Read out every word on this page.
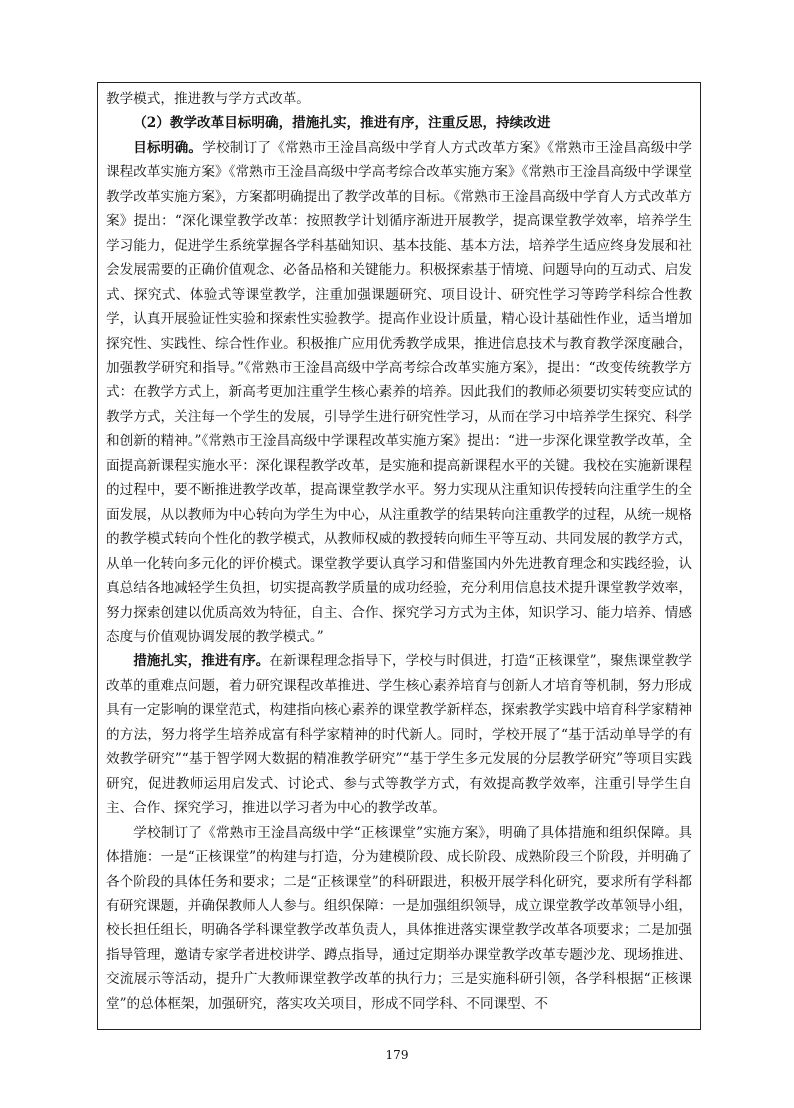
教学模式，推进教与学方式改革。

（2）教学改革目标明确，措施扎实，推进有序，注重反思，持续改进

目标明确。学校制订了《常熟市王淦昌高级中学育人方式改革方案》《常熟市王淦昌高级中学课程改革实施方案》《常熟市王淦昌高级中学高考综合改革实施方案》《常熟市王淦昌高级中学课堂教学改革实施方案》，方案都明确提出了教学改革的目标。《常熟市王淦昌高级中学育人方式改革方案》提出：“深化课堂教学改革：按照教学计划循序渐进开展教学，提高课堂教学效率，培养学生学习能力，促进学生系统掌握各学科基础知识、基本技能、基本方法，培养学生适应终身发展和社会发展需要的正确价值观念、必备品格和关键能力。积极探索基于情境、问题导向的互动式、启发式、探究式、体验式等课堂教学，注重加强课题研究、项目设计、研究性学习等跨学科综合性教学，认真开展验证性实验和探索性实验教学。提高作业设计质量，精心设计基础性作业，适当增加探究性、实践性、综合性作业。积极推广应用优秀教学成果，推进信息技术与教育教学深度融合，加强教学研究和指导。”《常熟市王淦昌高级中学高考综合改革实施方案》，提出：“改变传统教学方式：在教学方式上，新高考更加注重学生核心素养的培养。因此我们的教师必须要切实转变应试的教学方式，关注每一个学生的发展，引导学生进行研究性学习，从而在学习中培养学生探究、科学和创新的精神。”《常熟市王淦昌高级中学课程改革实施方案》提出：“进一步深化课堂教学改革，全面提高新课程实施水平：深化课程教学改革，是实施和提高新课程水平的关键。我校在实施新课程的过程中，要不断推进教学改革，提高课堂教学水平。努力实现从注重知识传授转向注重学生的全面发展，从以教师为中心转向为学生为中心，从注重教学的结果转向注重教学的过程，从统一规格的教学模式转向个性化的教学模式，从教师权威的教授转向师生平等互动、共同发展的教学方式，从单一化转向多元化的评价模式。课堂教学要认真学习和借鉴国内外先进教育理念和实践经验，认真总结各地减轻学生负担，切实提高教学质量的成功经验，充分利用信息技术提升课堂教学效率，努力探索创建以优质高效为特征，自主、合作、探究学习方式为主体，知识学习、能力培养、情感态度与价值观协调发展的教学模式。”

措施扎实，推进有序。在新课程理念指导下，学校与时俱进，打造“正核课堂”，聚焦课堂教学改革的重难点问题，着力研究课程改革推进、学生核心素养培育与创新人才培育等机制，努力形成具有一定影响的课堂范式，构建指向核心素养的课堂教学新样态，探索教学实践中培育科学家精神的方法，努力将学生培养成富有科学家精神的时代新人。同时，学校开展了“基于活动单导学的有效教学研究”“基于智学网大数据的精准教学研究”“基于学生多元发展的分层教学研究”等项目实践研究，促进教师运用启发式、讨论式、参与式等教学方式，有效提高教学效率，注重引导学生自主、合作、探究学习，推进以学习者为中心的教学改革。

学校制订了《常熟市王淦昌高级中学“正核课堂”实施方案》，明确了具体措施和组织保障。具体措施：一是“正核课堂”的构建与打造，分为建模阶段、成长阶段、成熟阶段三个阶段，并明确了各个阶段的具体任务和要求；二是“正核课堂”的科研跟进，积极开展学科化研究，要求所有学科都有研究课题，并确保教师人人参与。组织保障：一是加强组织领导，成立课堂教学改革领导小组，校长担任组长，明确各学科课堂教学改革负责人，具体推进落实课堂教学改革各项要求；二是加强指导管理，邀请专家学者进校讲学、蹲点指导，通过定期举办课堂教学改革专题沙龙、现场推进、交流展示等活动，提升广大教师课堂教学改革的执行力；三是实施科研引领，各学科根据“正核课堂”的总体框架，加强研究，落实攻关项目，形成不同学科、不同课型、不

179
